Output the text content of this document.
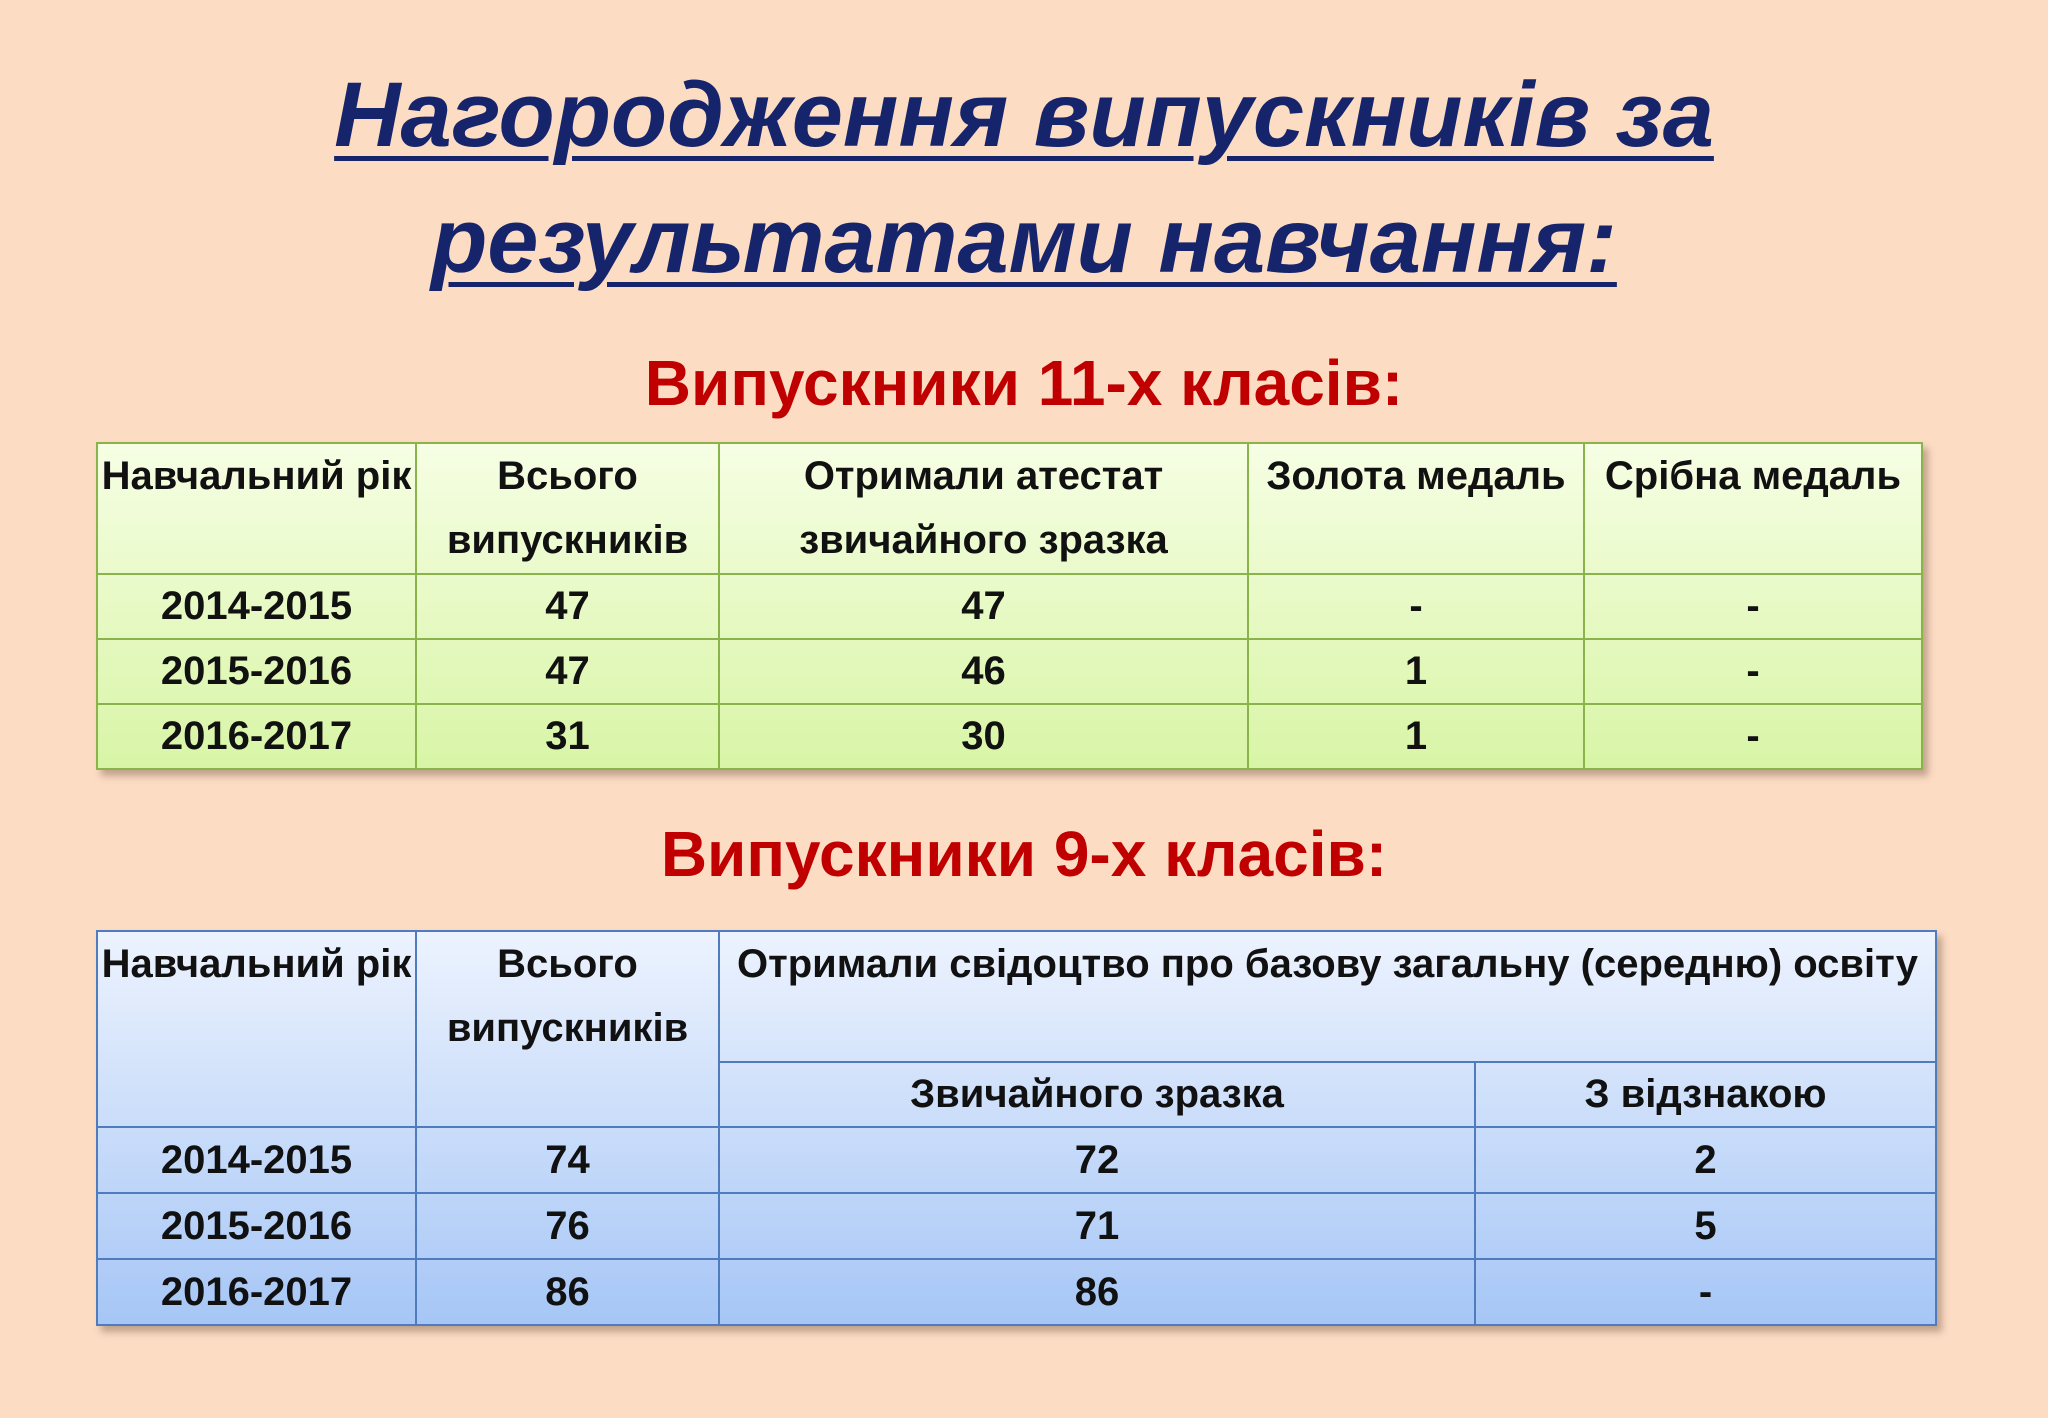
Нагородження випускників за
результатами навчання:
Випускники 11-х класів:
Навчальний рік	Всього випускників	Отримали атестат звичайного зразка	Золота медаль	Срібна медаль
2014-2015	47	47	-	-
2015-2016	47	46	1	-
2016-2017	31	30	1	-
Випускники 9-х класів:
Навчальний рік	Всього випускників	Отримали свідоцтво про базову загальну (середню) освіту	
		Звичайного зразка	З відзнакою
2014-2015	74	72	2
2015-2016	76	71	5
2016-2017	86	86	-
